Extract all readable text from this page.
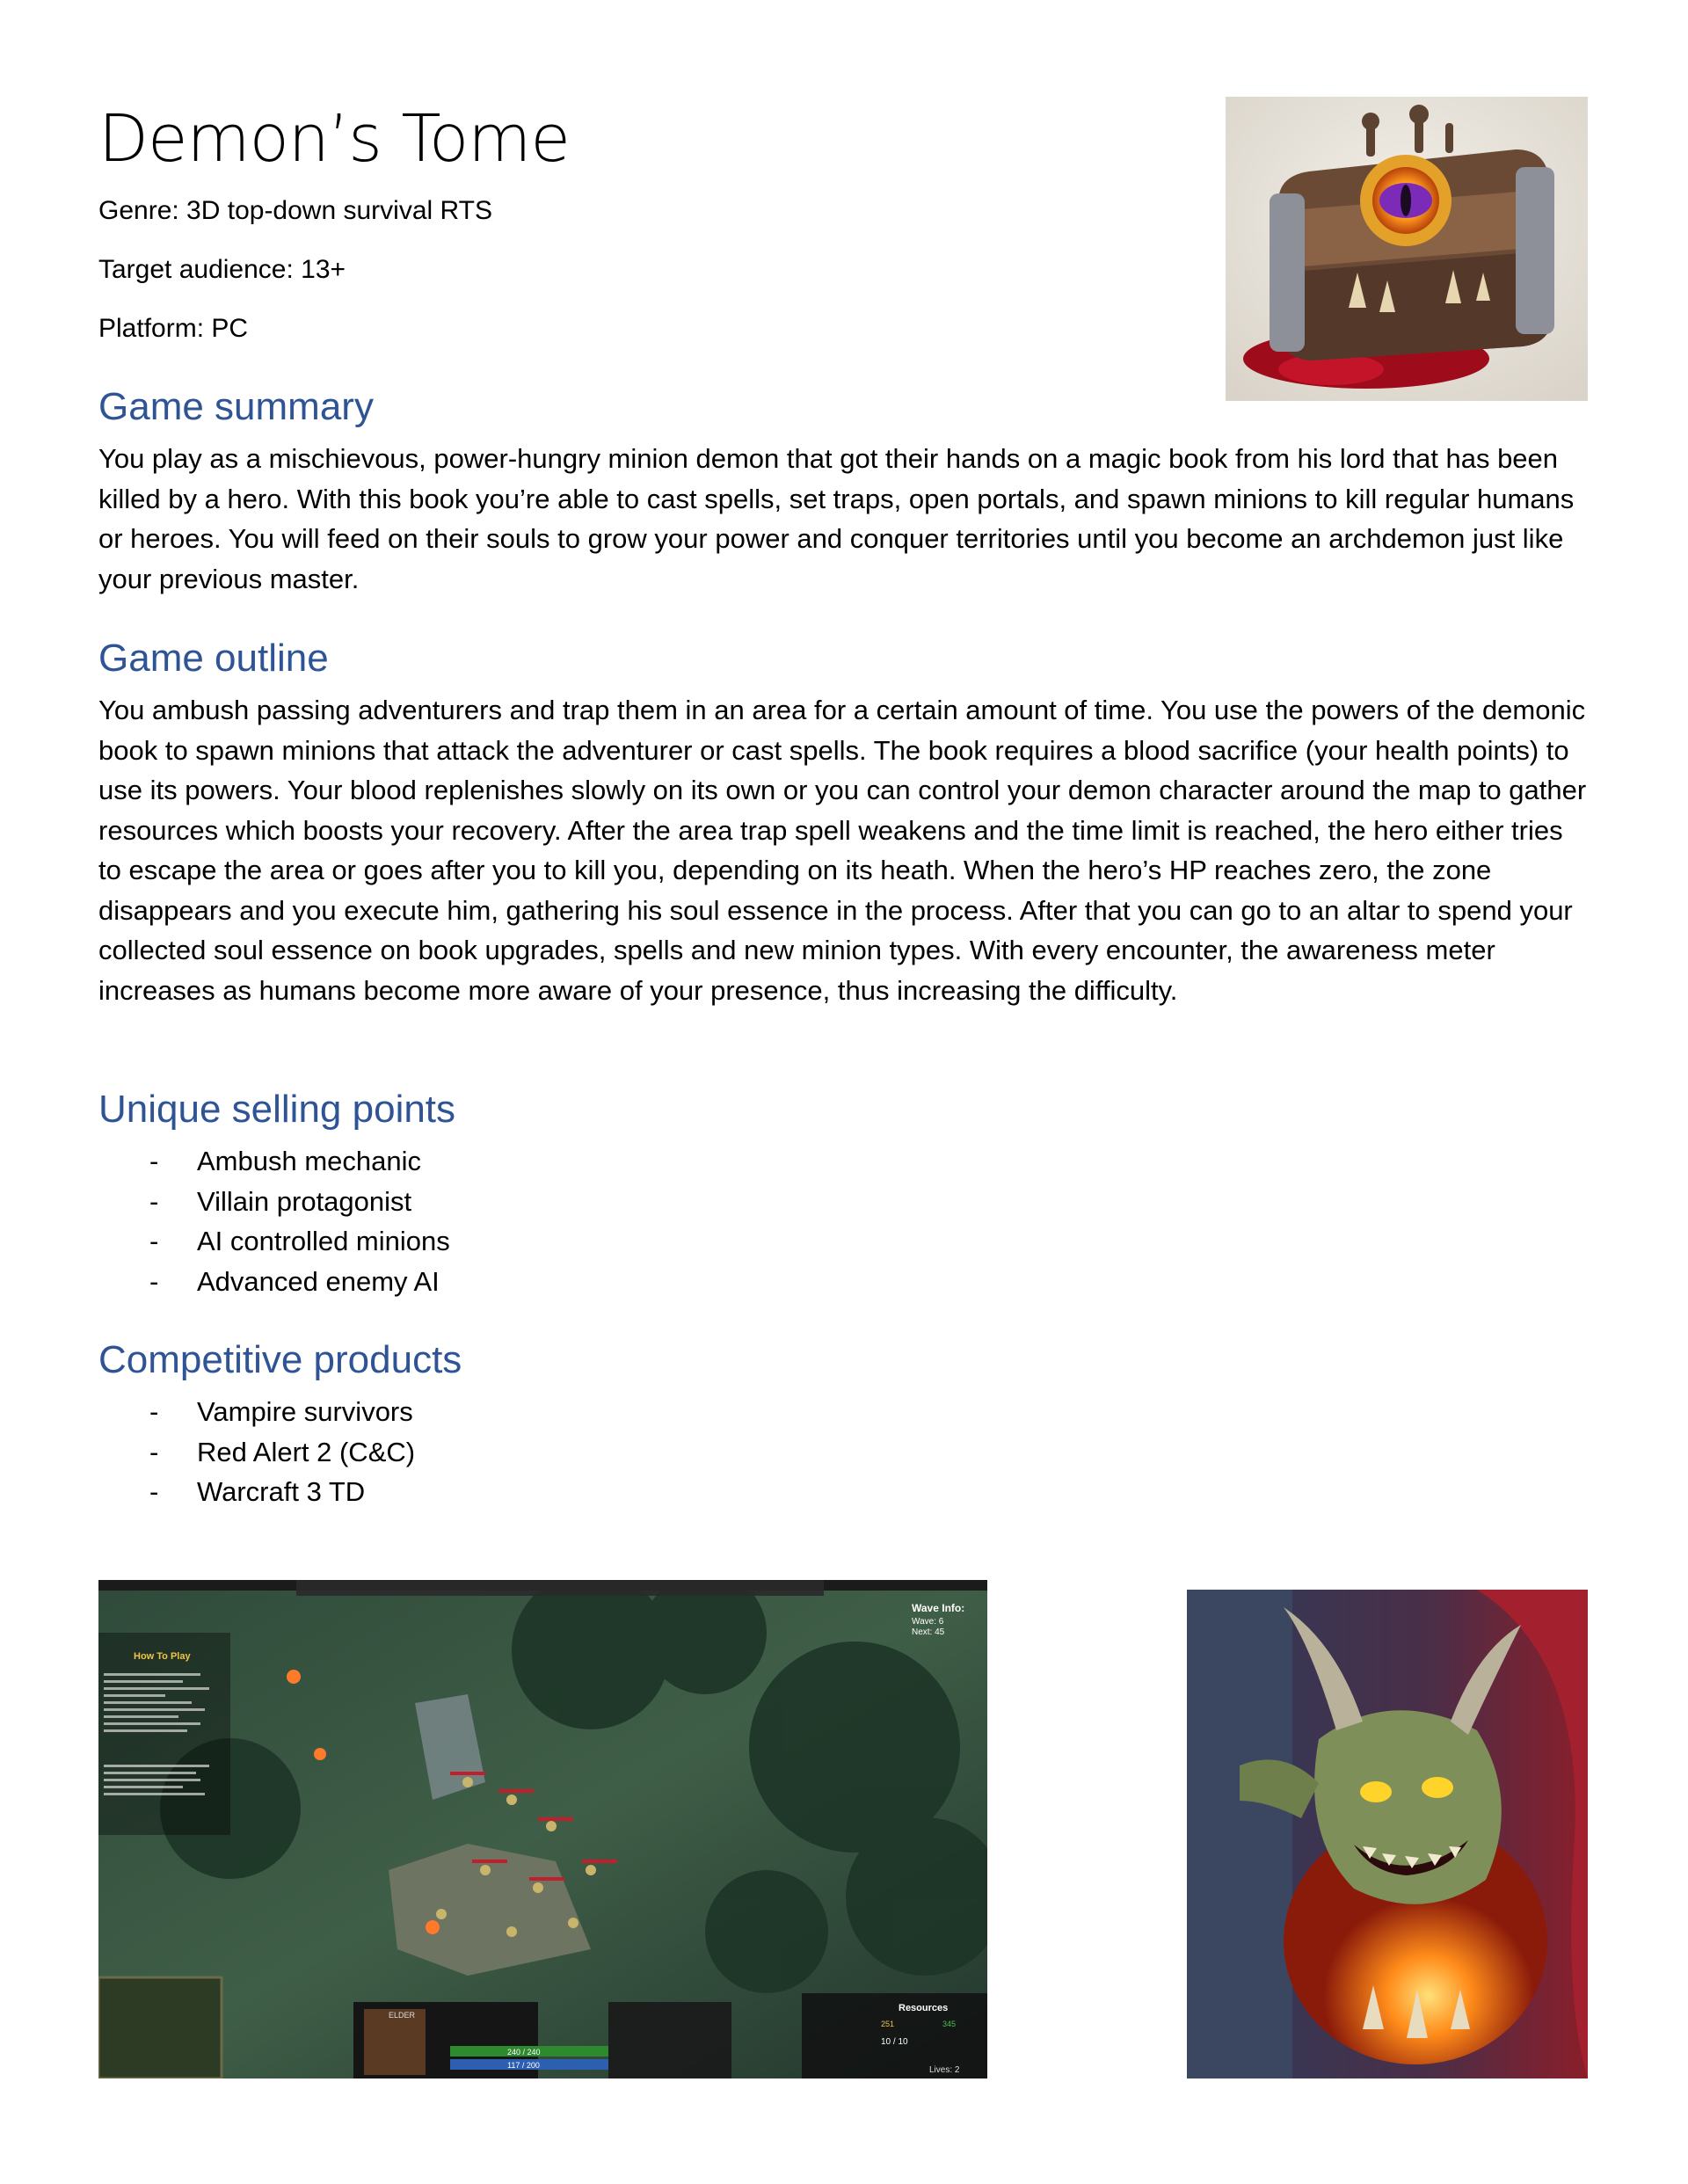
Demon’s Tome

Genre: 3D top-down survival RTS

Target audience: 13+

Platform: PC

Game summary

You play as a mischievous, power-hungry minion demon that got their hands on a magic book from his lord that has been killed by a hero. With this book you’re able to cast spells, set traps, open portals, and spawn minions to kill regular humans or heroes. You will feed on their souls to grow your power and conquer territories until you become an archdemon just like your previous master.

Game outline

You ambush passing adventurers and trap them in an area for a certain amount of time. You use the powers of the demonic book to spawn minions that attack the adventurer or cast spells. The book requires a blood sacrifice (your health points) to use its powers. Your blood replenishes slowly on its own or you can control your demon character around the map to gather resources which boosts your recovery. After the area trap spell weakens and the time limit is reached, the hero either tries to escape the area or goes after you to kill you, depending on its heath. When the hero’s HP reaches zero, the zone disappears and you execute him, gathering his soul essence in the process. After that you can go to an altar to spend your collected soul essence on book upgrades, spells and new minion types. With every encounter, the awareness meter increases as humans become more aware of your presence, thus increasing the difficulty.

Unique selling points
- Ambush mechanic
- Villain protagonist
- AI controlled minions
- Advanced enemy AI
Competitive products
- Vampire survivors
- Red Alert 2 (C&C)
- Warcraft 3 TD
How To Play
Wave Info:
Wave: 6
Next: 45
ELDER
240 / 240
117 / 200
Resources
251	345
10 / 10
Lives: 2
